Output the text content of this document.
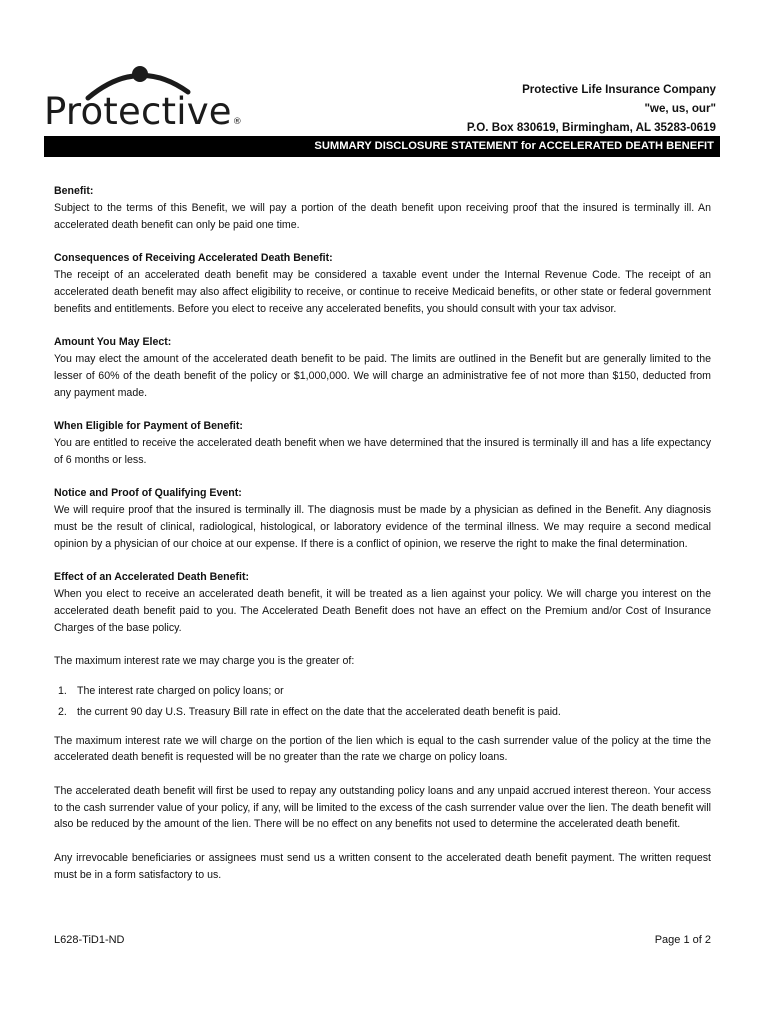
Protective®
Protective Life Insurance Company
"we, us, our"
P.O. Box 830619, Birmingham, AL 35283-0619
SUMMARY DISCLOSURE STATEMENT for ACCELERATED DEATH BENEFIT
Benefit:

Subject to the terms of this Benefit, we will pay a portion of the death benefit upon receiving proof that the insured is terminally ill. An accelerated death benefit can only be paid one time.

Consequences of Receiving Accelerated Death Benefit:

The receipt of an accelerated death benefit may be considered a taxable event under the Internal Revenue Code. The receipt of an accelerated death benefit may also affect eligibility to receive, or continue to receive Medicaid benefits, or other state or federal government benefits and entitlements. Before you elect to receive any accelerated benefits, you should consult with your tax advisor.

Amount You May Elect:

You may elect the amount of the accelerated death benefit to be paid. The limits are outlined in the Benefit but are generally limited to the lesser of 60% of the death benefit of the policy or $1,000,000. We will charge an administrative fee of not more than $150, deducted from any payment made.

When Eligible for Payment of Benefit:

You are entitled to receive the accelerated death benefit when we have determined that the insured is terminally ill and has a life expectancy of 6 months or less.

Notice and Proof of Qualifying Event:

We will require proof that the insured is terminally ill. The diagnosis must be made by a physician as defined in the Benefit. Any diagnosis must be the result of clinical, radiological, histological, or laboratory evidence of the terminal illness. We may require a second medical opinion by a physician of our choice at our expense. If there is a conflict of opinion, we reserve the right to make the final determination.

Effect of an Accelerated Death Benefit:

When you elect to receive an accelerated death benefit, it will be treated as a lien against your policy. We will charge you interest on the accelerated death benefit paid to you. The Accelerated Death Benefit does not have an effect on the Premium and/or Cost of Insurance Charges of the base policy.

The maximum interest rate we may charge you is the greater of:

1. The interest rate charged on policy loans; or
2. the current 90 day U.S. Treasury Bill rate in effect on the date that the accelerated death benefit is paid.

The maximum interest rate we will charge on the portion of the lien which is equal to the cash surrender value of the policy at the time the accelerated death benefit is requested will be no greater than the rate we charge on policy loans.

The accelerated death benefit will first be used to repay any outstanding policy loans and any unpaid accrued interest thereon. Your access to the cash surrender value of your policy, if any, will be limited to the excess of the cash surrender value over the lien. The death benefit will also be reduced by the amount of the lien. There will be no effect on any benefits not used to determine the accelerated death benefit.

Any irrevocable beneficiaries or assignees must send us a written consent to the accelerated death benefit payment. The written request must be in a form satisfactory to us.

L628-TiD1-ND	Page 1 of 2
